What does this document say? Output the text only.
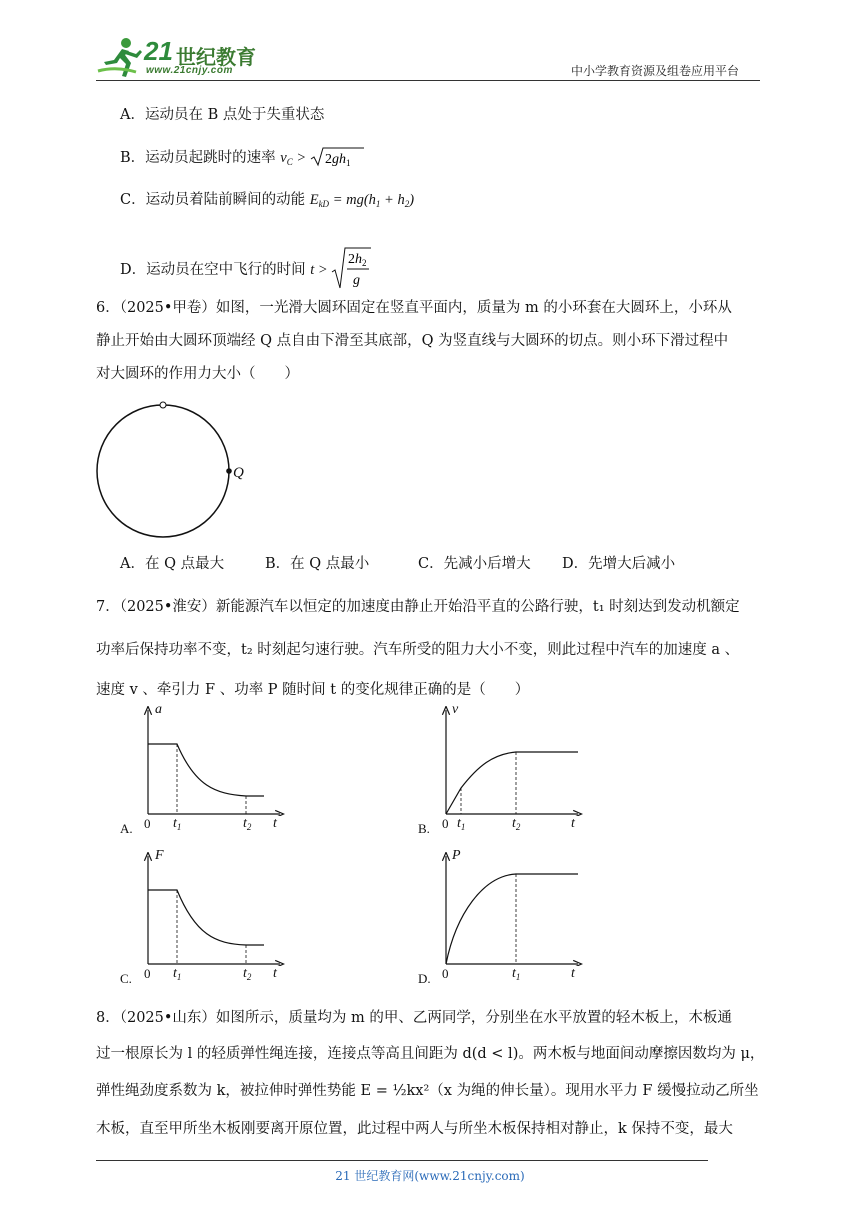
21 世纪教育
www.21cnjy.com	中小学教育资源及组卷应用平台
A．运动员在 B 点处于失重状态
B．运动员起跳时的速率 $v_C > 2gh_1$
C．运动员着陆前瞬间的动能 $E_{kD} = mg(h_1 + h_2)$
D．运动员在空中飞行的时间 t >
$2h_2$
g
6．（2025•甲卷）如图，一光滑大圆环固定在竖直平面内，质量为 m 的小环套在大圆环上，小环从
静止开始由大圆环顶端经 Q 点自由下滑至其底部，Q 为竖直线与大圆环的切点。则小环下滑过程中
对大圆环的作用力大小（　　）
Q
A．在 Q 点最大	B．在 Q 点最小	C．先减小后增大 D．先增大后减小
7．（2025•淮安）新能源汽车以恒定的加速度由静止开始沿平直的公路行驶，t₁ 时刻达到发动机额定
功率后保持功率不变，t₂ 时刻起匀速行驶。汽车所受的阻力大小不变，则此过程中汽车的加速度 a 、
速度 v 、牵引力 F 、功率 P 随时间 t 的变化规律正确的是（　　）
a
A. 0 $t_1$	$t_2$ t
v
B. 0 $t_1$	$t_2$	t
F
C. 0 $t_1$	$t_2$ t
P
D. 0	$t_1$	t
8．（2025•山东）如图所示，质量均为 m 的甲、乙两同学，分别坐在水平放置的轻木板上，木板通
过一根原长为 l 的轻质弹性绳连接，连接点等高且间距为 d(d < l)。两木板与地面间动摩擦因数均为 μ，
弹性绳劲度系数为 k，被拉伸时弹性势能 E = ½kx²（x 为绳的伸长量）。现用水平力 F 缓慢拉动乙所坐
木板，直至甲所坐木板刚要离开原位置，此过程中两人与所坐木板保持相对静止，k 保持不变，最大
21 世纪教育网(www.21cnjy.com)
